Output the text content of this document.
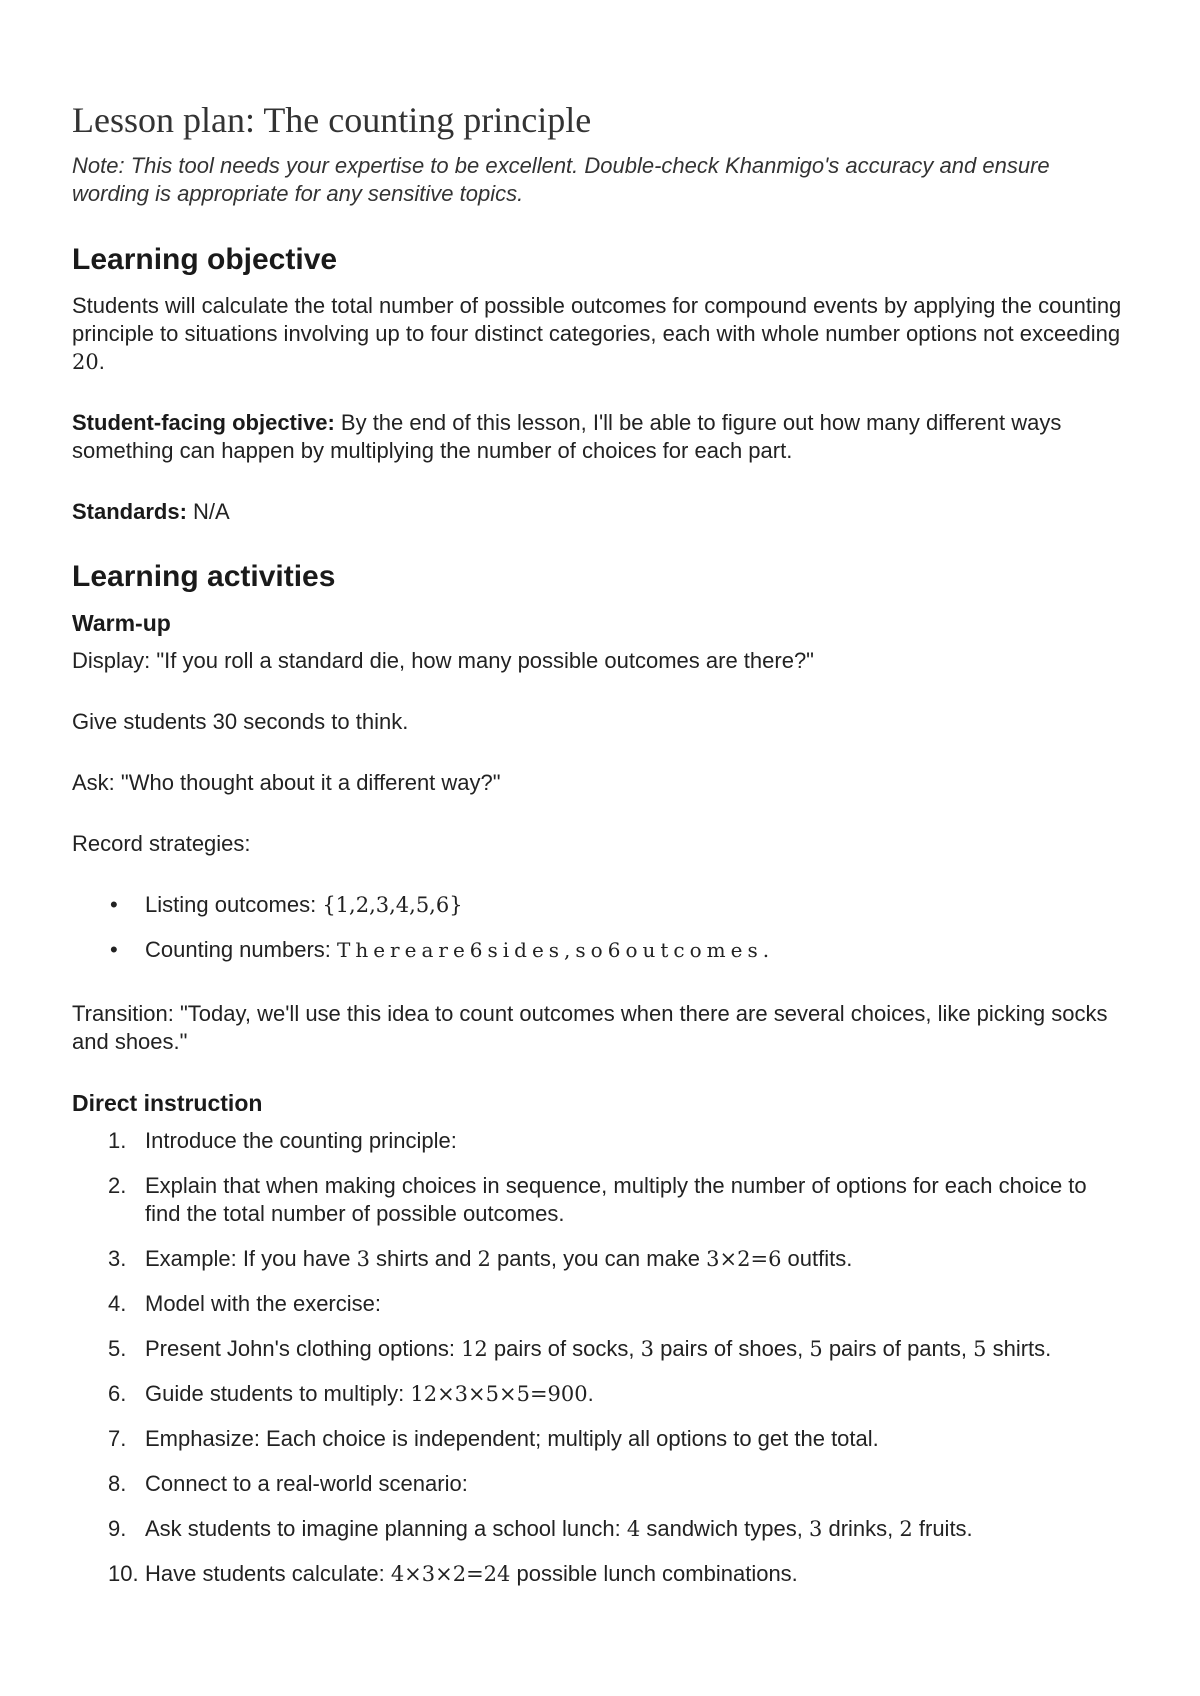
Lesson plan: The counting principle

Note: This tool needs your expertise to be excellent. Double-check Khanmigo's accuracy and ensure wording is appropriate for any sensitive topics.

Learning objective

Students will calculate the total number of possible outcomes for compound events by applying the counting principle to situations involving up to four distinct categories, each with whole number options not exceeding 20.

Student-facing objective: By the end of this lesson, I'll be able to figure out how many different ways something can happen by multiplying the number of choices for each part.

Standards: N/A

Learning activities
Warm-up

Display: "If you roll a standard die, how many possible outcomes are there?"

Give students 30 seconds to think.

Ask: "Who thought about it a different way?"

Record strategies:

• Listing outcomes: {1,2,3,4,5,6}
• Counting numbers: Thereare6sides,so6outcomes.

Transition: "Today, we'll use this idea to count outcomes when there are several choices, like picking socks and shoes."

Direct instruction
1. Introduce the counting principle:
2. Explain that when making choices in sequence, multiply the number of options for each choice to find the total number of possible outcomes.
3. Example: If you have 3 shirts and 2 pants, you can make 3×2=6 outfits.
4. Model with the exercise:
5. Present John's clothing options: 12 pairs of socks, 3 pairs of shoes, 5 pairs of pants, 5 shirts.
6. Guide students to multiply: 12×3×5×5=900.
7. Emphasize: Each choice is independent; multiply all options to get the total.
8. Connect to a real-world scenario:
9. Ask students to imagine planning a school lunch: 4 sandwich types, 3 drinks, 2 fruits.
10. Have students calculate: 4×3×2=24 possible lunch combinations.
